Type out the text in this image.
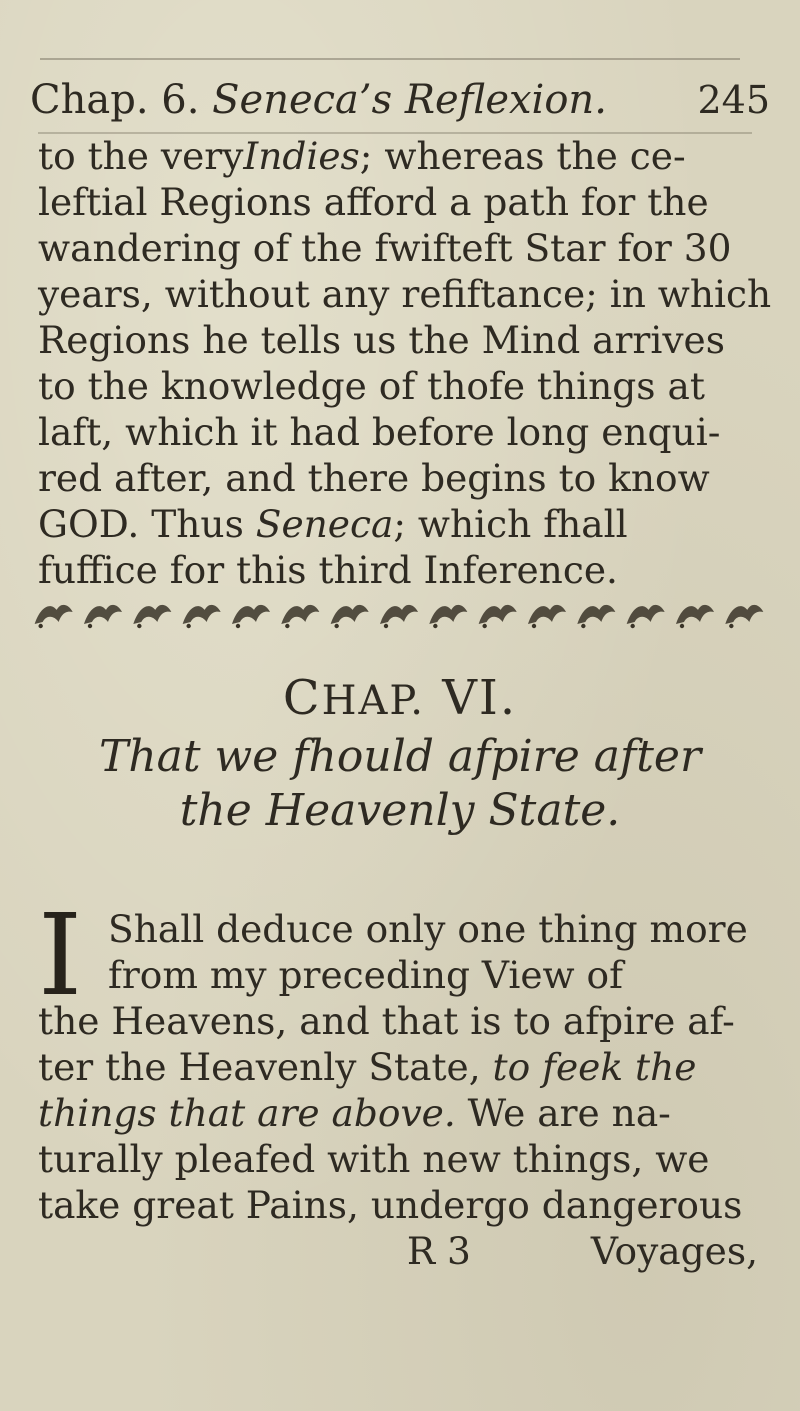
Chap. 6. Seneca’s Reflexion. 245
to the veryIndies; whereas the ce-
leftial Regions afford a path for the
wandering of the fwifteft Star for 30
years, without any refiftance; in which
Regions he tells us the Mind arrives
to the knowledge of thofe things at
laft, which it had before long enqui-
red after, and there begins to know
GOD. Thus Seneca; which fhall
fuffice for this third Inference.
CHAP. VI.
That we fhould afpire after
the Heavenly State.
I Shall deduce only one thing more
from my preceding View of
the Heavens, and that is to afpire af-
ter the Heavenly State, to feek the
things that are above. We are na-
turally pleafed with new things, we
take great Pains, undergo dangerous
R 3	Voyages,
